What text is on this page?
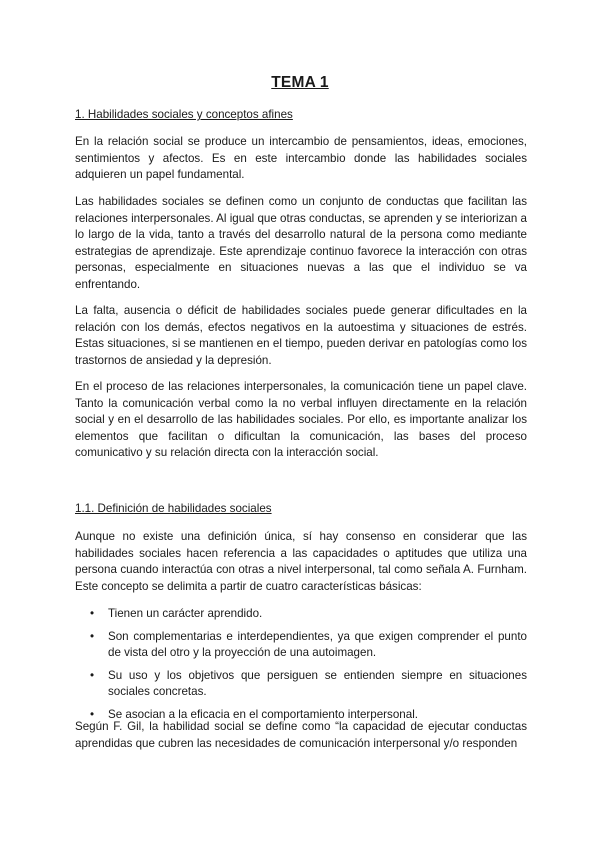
TEMA 1
1. Habilidades sociales y conceptos afines

En la relación social se produce un intercambio de pensamientos, ideas, emociones, sentimientos y afectos. Es en este intercambio donde las habilidades sociales adquieren un papel fundamental.

Las habilidades sociales se definen como un conjunto de conductas que facilitan las relaciones interpersonales. Al igual que otras conductas, se aprenden y se interiorizan a lo largo de la vida, tanto a través del desarrollo natural de la persona como mediante estrategias de aprendizaje. Este aprendizaje continuo favorece la interacción con otras personas, especialmente en situaciones nuevas a las que el individuo se va enfrentando.

La falta, ausencia o déficit de habilidades sociales puede generar dificultades en la relación con los demás, efectos negativos en la autoestima y situaciones de estrés. Estas situaciones, si se mantienen en el tiempo, pueden derivar en patologías como los trastornos de ansiedad y la depresión.

En el proceso de las relaciones interpersonales, la comunicación tiene un papel clave. Tanto la comunicación verbal como la no verbal influyen directamente en la relación social y en el desarrollo de las habilidades sociales. Por ello, es importante analizar los elementos que facilitan o dificultan la comunicación, las bases del proceso comunicativo y su relación directa con la interacción social.

1.1. Definición de habilidades sociales

Aunque no existe una definición única, sí hay consenso en considerar que las habilidades sociales hacen referencia a las capacidades o aptitudes que utiliza una persona cuando interactúa con otras a nivel interpersonal, tal como señala A. Furnham. Este concepto se delimita a partir de cuatro características básicas:

• Tienen un carácter aprendido.
• Son complementarias e interdependientes, ya que exigen comprender el punto de vista del otro y la proyección de una autoimagen.
• Su uso y los objetivos que persiguen se entienden siempre en situaciones sociales concretas.
• Se asocian a la eficacia en el comportamiento interpersonal.

Según F. Gil, la habilidad social se define como “la capacidad de ejecutar conductas aprendidas que cubren las necesidades de comunicación interpersonal y/o responden
